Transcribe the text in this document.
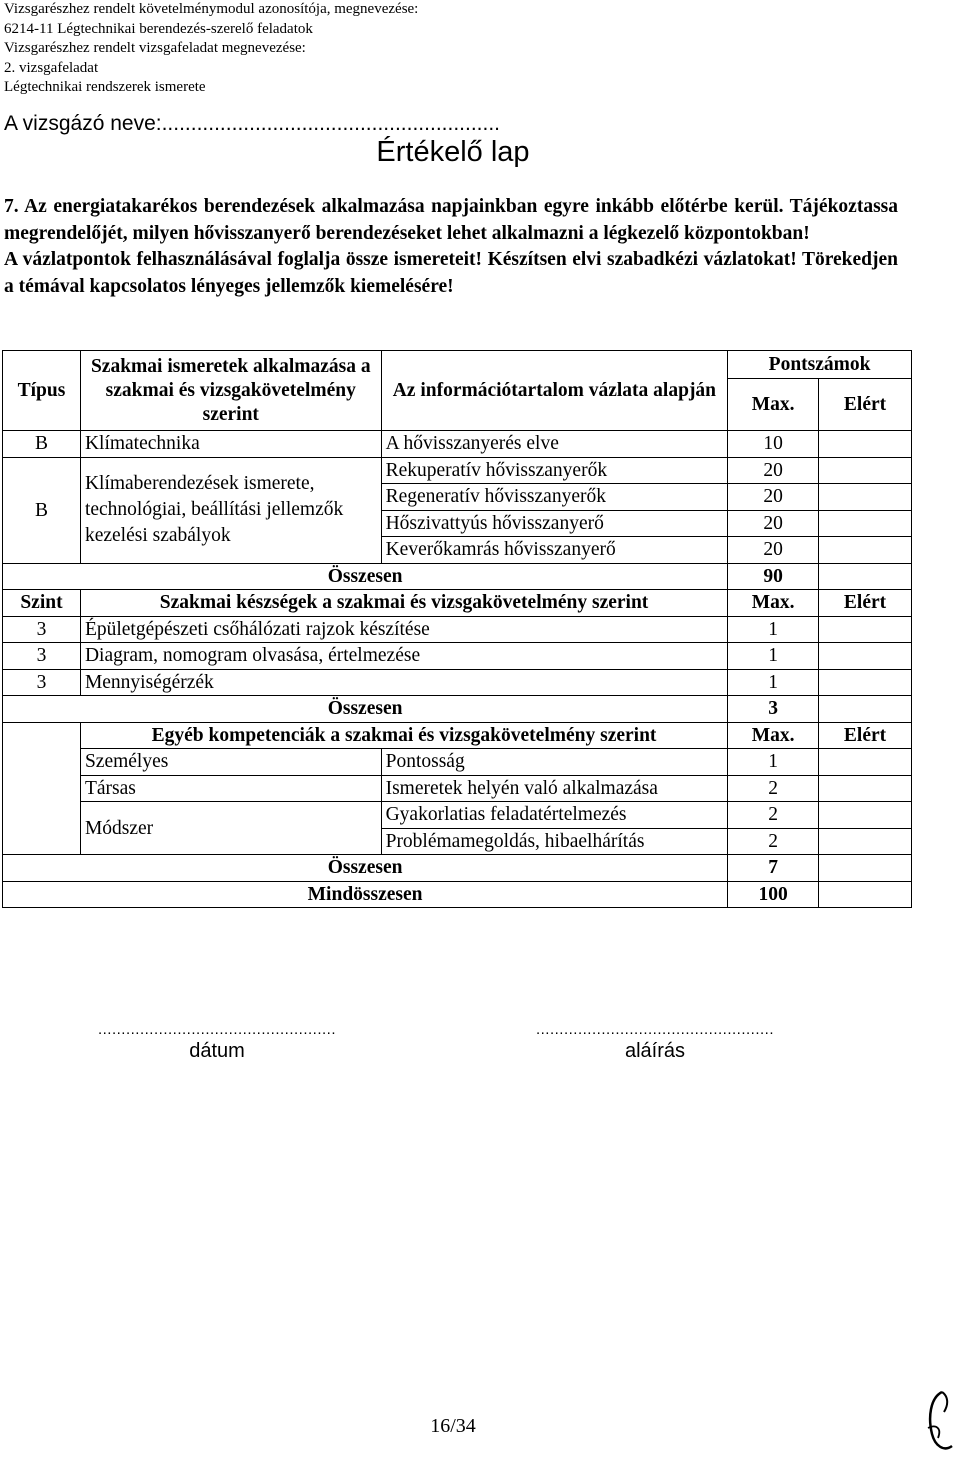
Vizsgarészhez rendelt követelménymodul azonosítója, megnevezése:
6214-11 Légtechnikai berendezés-szerelő feladatok
Vizsgarészhez rendelt vizsgafeladat megnevezése:
2. vizsgafeladat
Légtechnikai rendszerek ismerete
A vizsgázó neve:..........................................................
Értékelő lap

7. Az energiatakarékos berendezések alkalmazása napjainkban egyre inkább előtérbe kerül. Tájékoztassa megrendelőjét, milyen hővisszanyerő berendezéseket lehet alkalmazni a légkezelő központokban!

A vázlatpontok felhasználásával foglalja össze ismereteit! Készítsen elvi szabadkézi vázlatokat! Törekedjen a témával kapcsolatos lényeges jellemzők kiemelésére!

Típus	Szakmai ismeretek alkalmazása a szakmai és vizsgakövetelmény szerint	Az információtartalom vázlata alapján	Pontszámok	
			Max.	Elért
B	Klímatechnika	A hővisszanyerés elve	10	
B	Klímaberendezések ismerete, technológiai, beállítási jellemzők kezelési szabályok	Rekuperatív hővisszanyerők	20	
		Regeneratív hővisszanyerők	20	
		Hőszivattyús hővisszanyerő	20	
		Keverőkamrás hővisszanyerő	20	
Összesen			90	
Szint	Szakmai készségek a szakmai és vizsgakövetelmény szerint		Max.	Elért
3	Épületgépészeti csőhálózati rajzok készítése		1	
3	Diagram, nomogram olvasása, értelmezése		1	
3	Mennyiségérzék		1	
Összesen			3	
	Egyéb kompetenciák a szakmai és vizsgakövetelmény szerint		Max.	Elért
	Személyes	Pontosság	1	
	Társas	Ismeretek helyén való alkalmazása	2	
	Módszer	Gyakorlatias feladatértelmezés	2	
		Problémamegoldás, hibaelhárítás	2	
Összesen			7	
Mindösszesen			100	
...................................................
dátum
...................................................
aláírás
16/34
